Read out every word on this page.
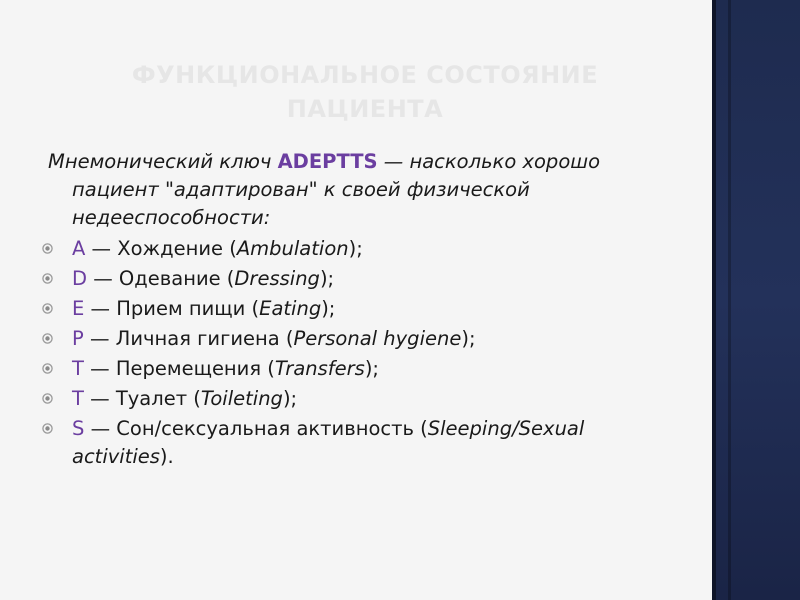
ФУНКЦИОНАЛЬНОЕ СОСТОЯНИЕ
ПАЦИЕНТА

Мнемонический ключ ADEPTTS — насколько хорошо пациент "адаптирован" к своей физической недееспособности:

A — Хождение (Ambulation);
D — Одевание (Dressing);
E — Прием пищи (Eating);
P — Личная гигиена (Personal hygiene);
T — Перемещения (Transfers);
T — Туалет (Toileting);
S — Сон/сексуальная активность (Sleeping/Sexual activities).
